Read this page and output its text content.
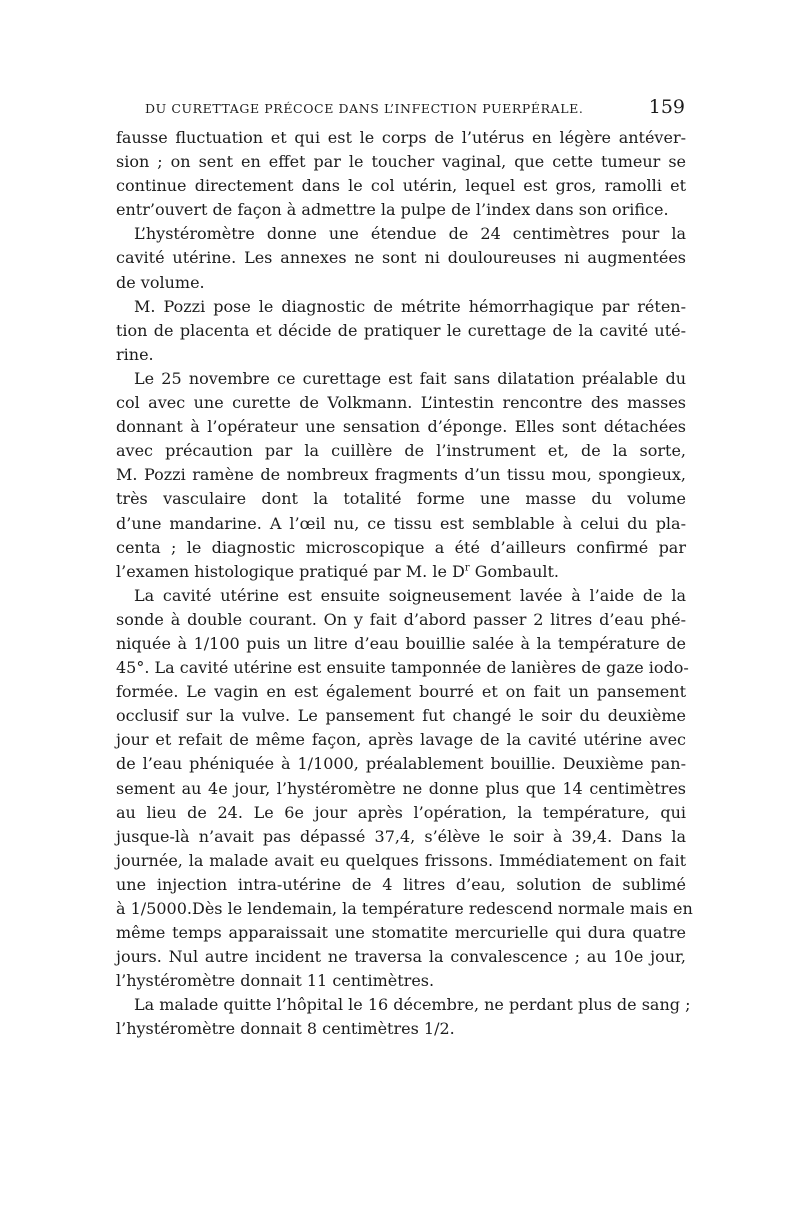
DU CURETTAGE PRÉCOCE DANS L’INFECTION PUERPÉRALE.	159
fausse fluctuation et qui est le corps de l’utérus en légère antéver-
sion ; on sent en effet par le toucher vaginal, que cette tumeur se
continue directement dans le col utérin, lequel est gros, ramolli et
entr’ouvert de façon à admettre la pulpe de l’index dans son orifice.
L’hystéromètre donne une étendue de 24 centimètres pour la
cavité utérine. Les annexes ne sont ni douloureuses ni augmentées
de volume.
M. Pozzi pose le diagnostic de métrite hémorrhagique par réten-
tion de placenta et décide de pratiquer le curettage de la cavité uté-
rine.
Le 25 novembre ce curettage est fait sans dilatation préalable du
col avec une curette de Volkmann. L’intestin rencontre des masses
donnant à l’opérateur une sensation d’éponge. Elles sont détachées
avec précaution par la cuillère de l’instrument et, de la sorte,
M. Pozzi ramène de nombreux fragments d’un tissu mou, spongieux,
très vasculaire dont la totalité forme une masse du volume
d’une mandarine. A l’œil nu, ce tissu est semblable à celui du pla-
centa ; le diagnostic microscopique a été d’ailleurs confirmé par
l’examen histologique pratiqué par M. le $D^r$ Gombault.
La cavité utérine est ensuite soigneusement lavée à l’aide de la
sonde à double courant. On y fait d’abord passer 2 litres d’eau phé-
niquée à 1/100 puis un litre d’eau bouillie salée à la température de
45°. La cavité utérine est ensuite tamponnée de lanières de gaze iodo-
formée. Le vagin en est également bourré et on fait un pansement
occlusif sur la vulve. Le pansement fut changé le soir du deuxième
jour et refait de même façon, après lavage de la cavité utérine avec
de l’eau phéniquée à 1/1000, préalablement bouillie. Deuxième pan-
sement au 4e jour, l’hystéromètre ne donne plus que 14 centimètres
au lieu de 24. Le 6e jour après l’opération, la température, qui
jusque-là n’avait pas dépassé 37,4, s’élève le soir à 39,4. Dans la
journée, la malade avait eu quelques frissons. Immédiatement on fait
une injection intra-utérine de 4 litres d’eau, solution de sublimé
à 1/5000.Dès le lendemain, la température redescend normale mais en
même temps apparaissait une stomatite mercurielle qui dura quatre
jours. Nul autre incident ne traversa la convalescence ; au 10e jour,
l’hystéromètre donnait 11 centimètres.
La malade quitte l’hôpital le 16 décembre, ne perdant plus de sang ;
l’hystéromètre donnait 8 centimètres 1/2.
